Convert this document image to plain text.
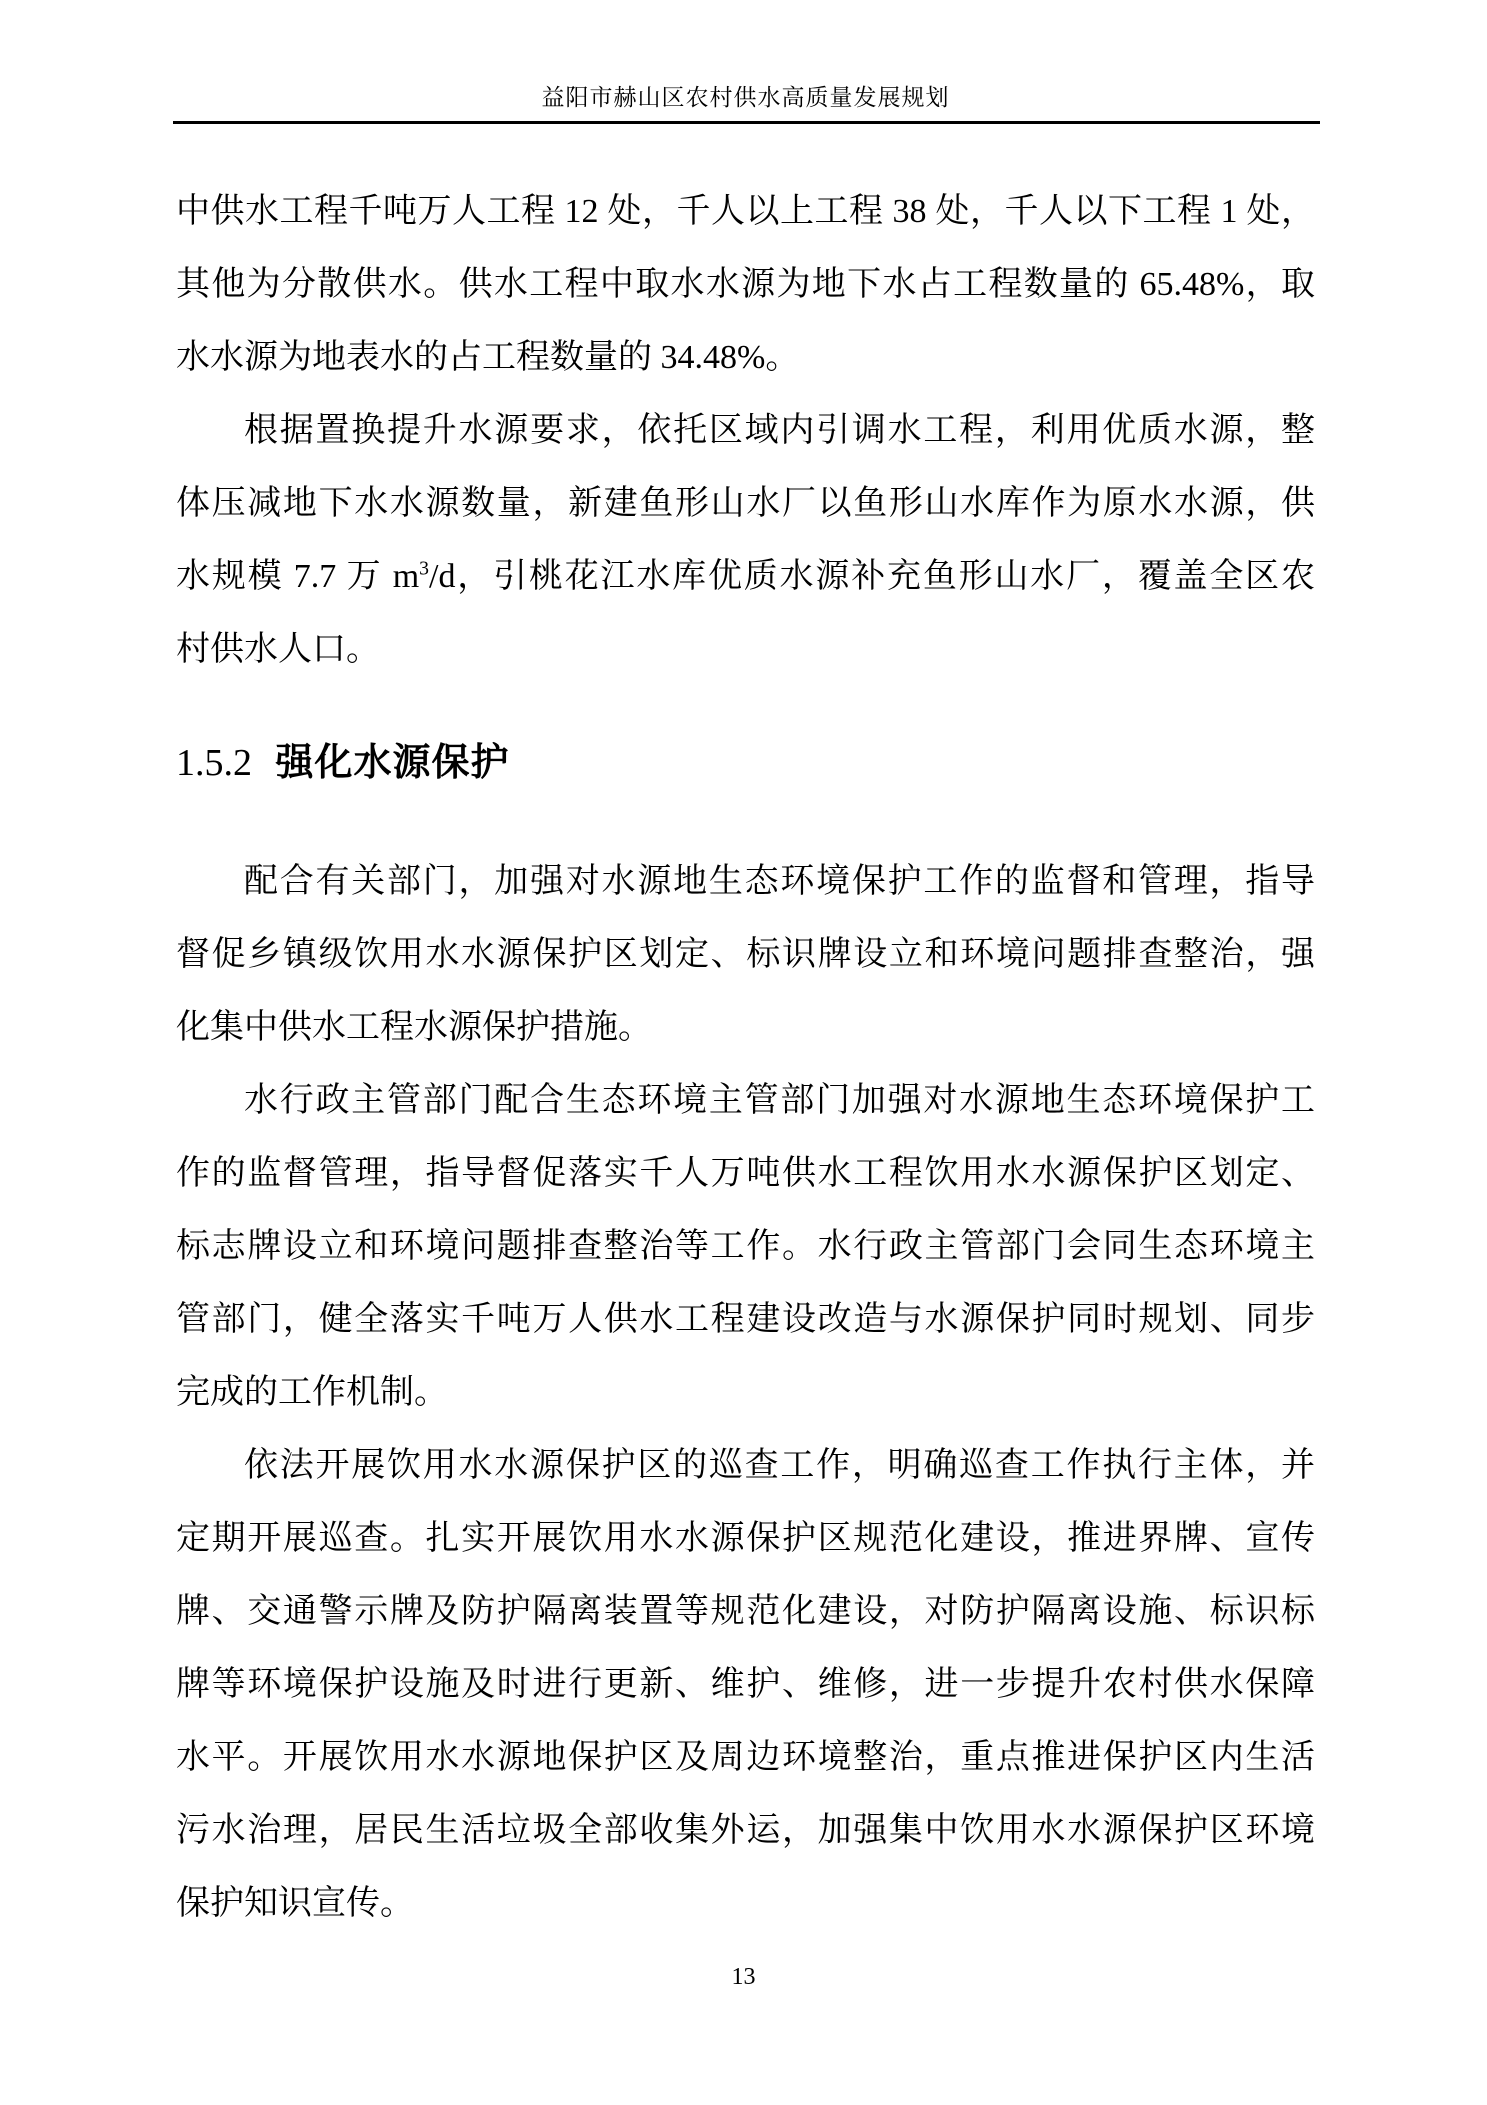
益阳市赫山区农村供水高质量发展规划
中供水工程千吨万人工程 12 处，千人以上工程 38 处，千人以下工程 1 处，
其他为分散供水。供水工程中取水水源为地下水占工程数量的 65.48%，取
水水源为地表水的占工程数量的 34.48%。
根据置换提升水源要求，依托区域内引调水工程，利用优质水源，整
体压减地下水水源数量，新建鱼形山水厂以鱼形山水库作为原水水源，供
水规模 7.7 万 $m^3/d$，引桃花江水库优质水源补充鱼形山水厂，覆盖全区农
村供水人口。
1.5.2 强化水源保护
配合有关部门，加强对水源地生态环境保护工作的监督和管理，指导
督促乡镇级饮用水水源保护区划定、标识牌设立和环境问题排查整治，强
化集中供水工程水源保护措施。
水行政主管部门配合生态环境主管部门加强对水源地生态环境保护工
作的监督管理，指导督促落实千人万吨供水工程饮用水水源保护区划定、
标志牌设立和环境问题排查整治等工作。水行政主管部门会同生态环境主
管部门，健全落实千吨万人供水工程建设改造与水源保护同时规划、同步
完成的工作机制。
依法开展饮用水水源保护区的巡查工作，明确巡查工作执行主体，并
定期开展巡查。扎实开展饮用水水源保护区规范化建设，推进界牌、宣传
牌、交通警示牌及防护隔离装置等规范化建设，对防护隔离设施、标识标
牌等环境保护设施及时进行更新、维护、维修，进一步提升农村供水保障
水平。开展饮用水水源地保护区及周边环境整治，重点推进保护区内生活
污水治理，居民生活垃圾全部收集外运，加强集中饮用水水源保护区环境
保护知识宣传。
13
